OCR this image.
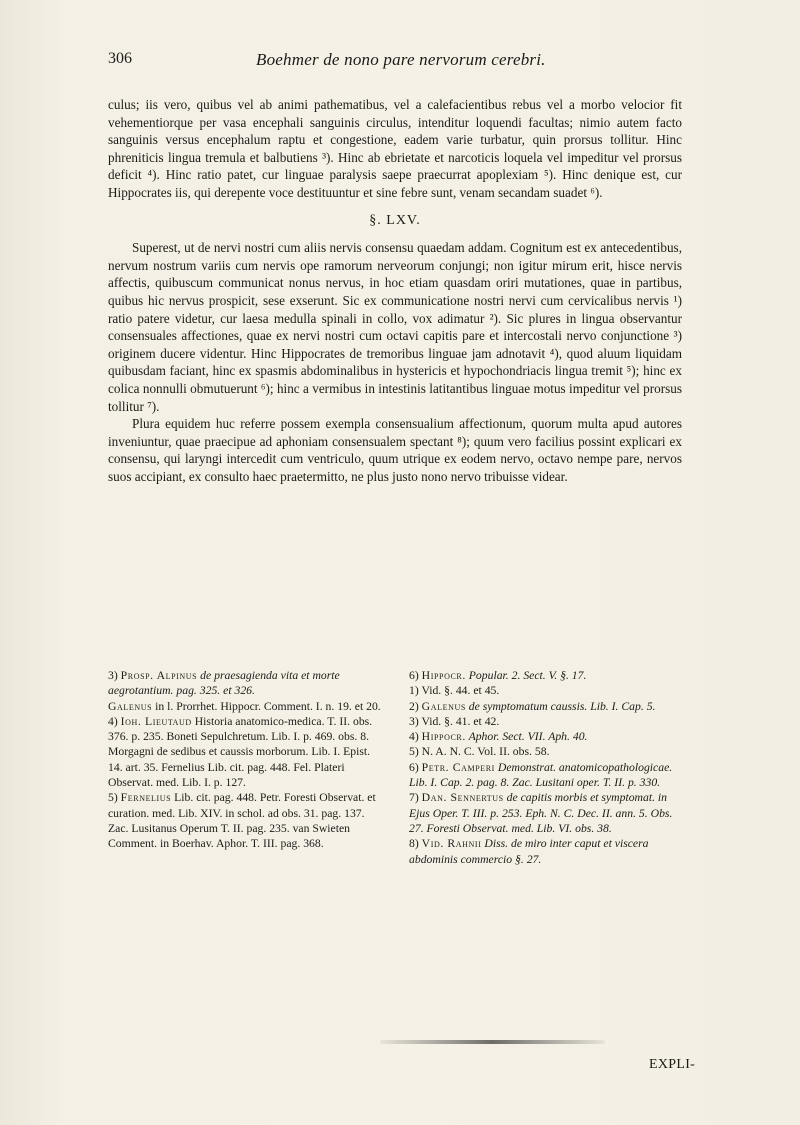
306	Boehmer de nono pare nervorum cerebri.

culus; iis vero, quibus vel ab animi pathematibus, vel a calefacientibus rebus vel a morbo velocior fit vehementiorque per vasa encephali sanguinis circulus, intenditur loquendi facultas; nimio autem facto sanguinis versus encephalum raptu et congestione, eadem varie turbatur, quin prorsus tollitur. Hinc phreniticis lingua tremula et balbutiens ³). Hinc ab ebrietate et narcoticis loquela vel impeditur vel prorsus deficit ⁴). Hinc ratio patet, cur linguae paralysis saepe praecurrat apoplexiam ⁵). Hinc denique est, cur Hippocrates iis, qui derepente voce destituuntur et sine febre sunt, venam secandam suadet ⁶).

§. LXV.

Superest, ut de nervi nostri cum aliis nervis consensu quaedam addam. Cognitum est ex antecedentibus, nervum nostrum variis cum nervis ope ramorum nerveorum conjungi; non igitur mirum erit, hisce nervis affectis, quibuscum communicat nonus nervus, in hoc etiam quasdam oriri mutationes, quae in partibus, quibus hic nervus prospicit, sese exserunt. Sic ex communicatione nostri nervi cum cervicalibus nervis ¹) ratio patere videtur, cur laesa medulla spinali in collo, vox adimatur ²). Sic plures in lingua observantur consensuales affectiones, quae ex nervi nostri cum octavi capitis pare et intercostali nervo conjunctione ³) originem ducere videntur. Hinc Hippocrates de tremoribus linguae jam adnotavit ⁴), quod aluum liquidam quibusdam faciant, hinc ex spasmis abdominalibus in hystericis et hypochondriacis lingua tremit ⁵); hinc ex colica nonnulli obmutuerunt ⁶); hinc a vermibus in intestinis latitantibus linguae motus impeditur vel prorsus tollitur ⁷).

Plura equidem huc referre possem exempla consensualium affectionum, quorum multa apud autores inveniuntur, quae praecipue ad aphoniam consensualem spectant ⁸); quum vero facilius possint explicari ex consensu, qui laryngi intercedit cum ventriculo, quum utrique ex eodem nervo, octavo nempe pare, nervos suos accipiant, ex consulto haec praetermitto, ne plus justo nono nervo tribuisse videar.

3) Prosp. Alpinus de praesagienda vita et morte aegrotantium. pag. 325. et 326.

Galenus in l. Prorrhet. Hippocr. Comment. I. n. 19. et 20.

4) Ioh. Lieutaud Historia anatomico-medica. T. II. obs. 376. p. 235. Boneti Sepulchretum. Lib. I. p. 469. obs. 8. Morgagni de sedibus et caussis morborum. Lib. I. Epist. 14. art. 35. Fernelius Lib. cit. pag. 448. Fel. Plateri Observat. med. Lib. I. p. 127.

5) Fernelius Lib. cit. pag. 448. Petr. Foresti Observat. et curation. med. Lib. XIV. in schol. ad obs. 31. pag. 137. Zac. Lusitanus Operum T. II. pag. 235. van Swieten Comment. in Boerhav. Aphor. T. III. pag. 368.

6) Hippocr. Popular. 2. Sect. V. §. 17.

1) Vid. §. 44. et 45.

2) Galenus de symptomatum caussis. Lib. I. Cap. 5.

3) Vid. §. 41. et 42.

4) Hippocr. Aphor. Sect. VII. Aph. 40.

5) N. A. N. C. Vol. II. obs. 58.

6) Petr. Camperi Demonstrat. anatomicopathologicae. Lib. I. Cap. 2. pag. 8. Zac. Lusitani oper. T. II. p. 330.

7) Dan. Sennertus de capitis morbis et symptomat. in Ejus Oper. T. III. p. 253. Eph. N. C. Dec. II. ann. 5. Obs. 27. Foresti Observat. med. Lib. VI. obs. 38.

8) Vid. Rahnii Diss. de miro inter caput et viscera abdominis commercio §. 27.

EXPLI-
